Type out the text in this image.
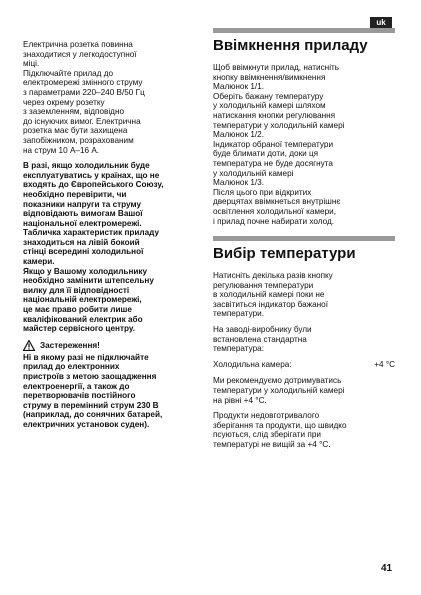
uk

Електрична розетка повинна
знаходитися у легкодоступної
міці.
Підключайте прилад до
електромережі змінного струму
з параметрами 220–240 В/50 Гц
через окрему розетку
з заземленням, відповідно
до існуючих вимог. Електрична
розетка має бути захищена
запобіжником, розрахованим
на струм 10 А–16 А.

В разі, якщо холодильник буде
експлуатуватись у країнах, що не
входять до Європейського Союзу,
необхідно перевірити, чи
показники напруги та струму
відповідають вимогам Вашої
національної електромережі.
Табличка характеристик приладу
знаходиться на лівій бокоий
стінці всередині холодильної
камери.
Якщо у Вашому холодильнику
необхідно замінити штепсельну
вилку для її відповідності
національній електромережі,
це має право робити лише
кваліфікований електрик або
майстер сервісного центру.

Застереження!

Ні в якому разі не підключайте
прилад до електронних
пристроїв з метою заощадження
електроенергії, а також до
перетворювачів постійного
струму в перемінний струм 230 В
(наприклад, до сонячних батарей,
електричних установок суден).

Ввімкнення приладу

Щоб ввімкнути прилад, натисніть
кнопку ввімкнення/вимкнення
Малюнок 1/1.
Оберіть бажану температуру
у холодильній камері шляхом
натискання кнопки регулювання
температури у холодильній камері
Малюнок 1/2.
Індикатор обраної температури
буде блимати доти, доки ця
температура не буде досягнута
у холодильній камері
Малюнок 1/3.
Після цього при відкритих
дверцятах ввімкнеться внутрішнє
освітлення холодильної камери,
і прилад почне набирати холод.

Вибір температури

Натисніть декілька разів кнопку
регулювання температури
в холодильній камері поки не
засвітиться індикатор бажаної
температури.

На заводі-виробнику були
встановлена стандартна
температура:

Холодильна камера:	+4 °C

Ми рекомендуємо дотримуватись
температури у холодильній камері
на рівні +4 °C.

Продукти недовготривалого
зберігання та продукти, що швидко
псуються, слід зберігати при
температурі не вищій за +4 °C.

41
